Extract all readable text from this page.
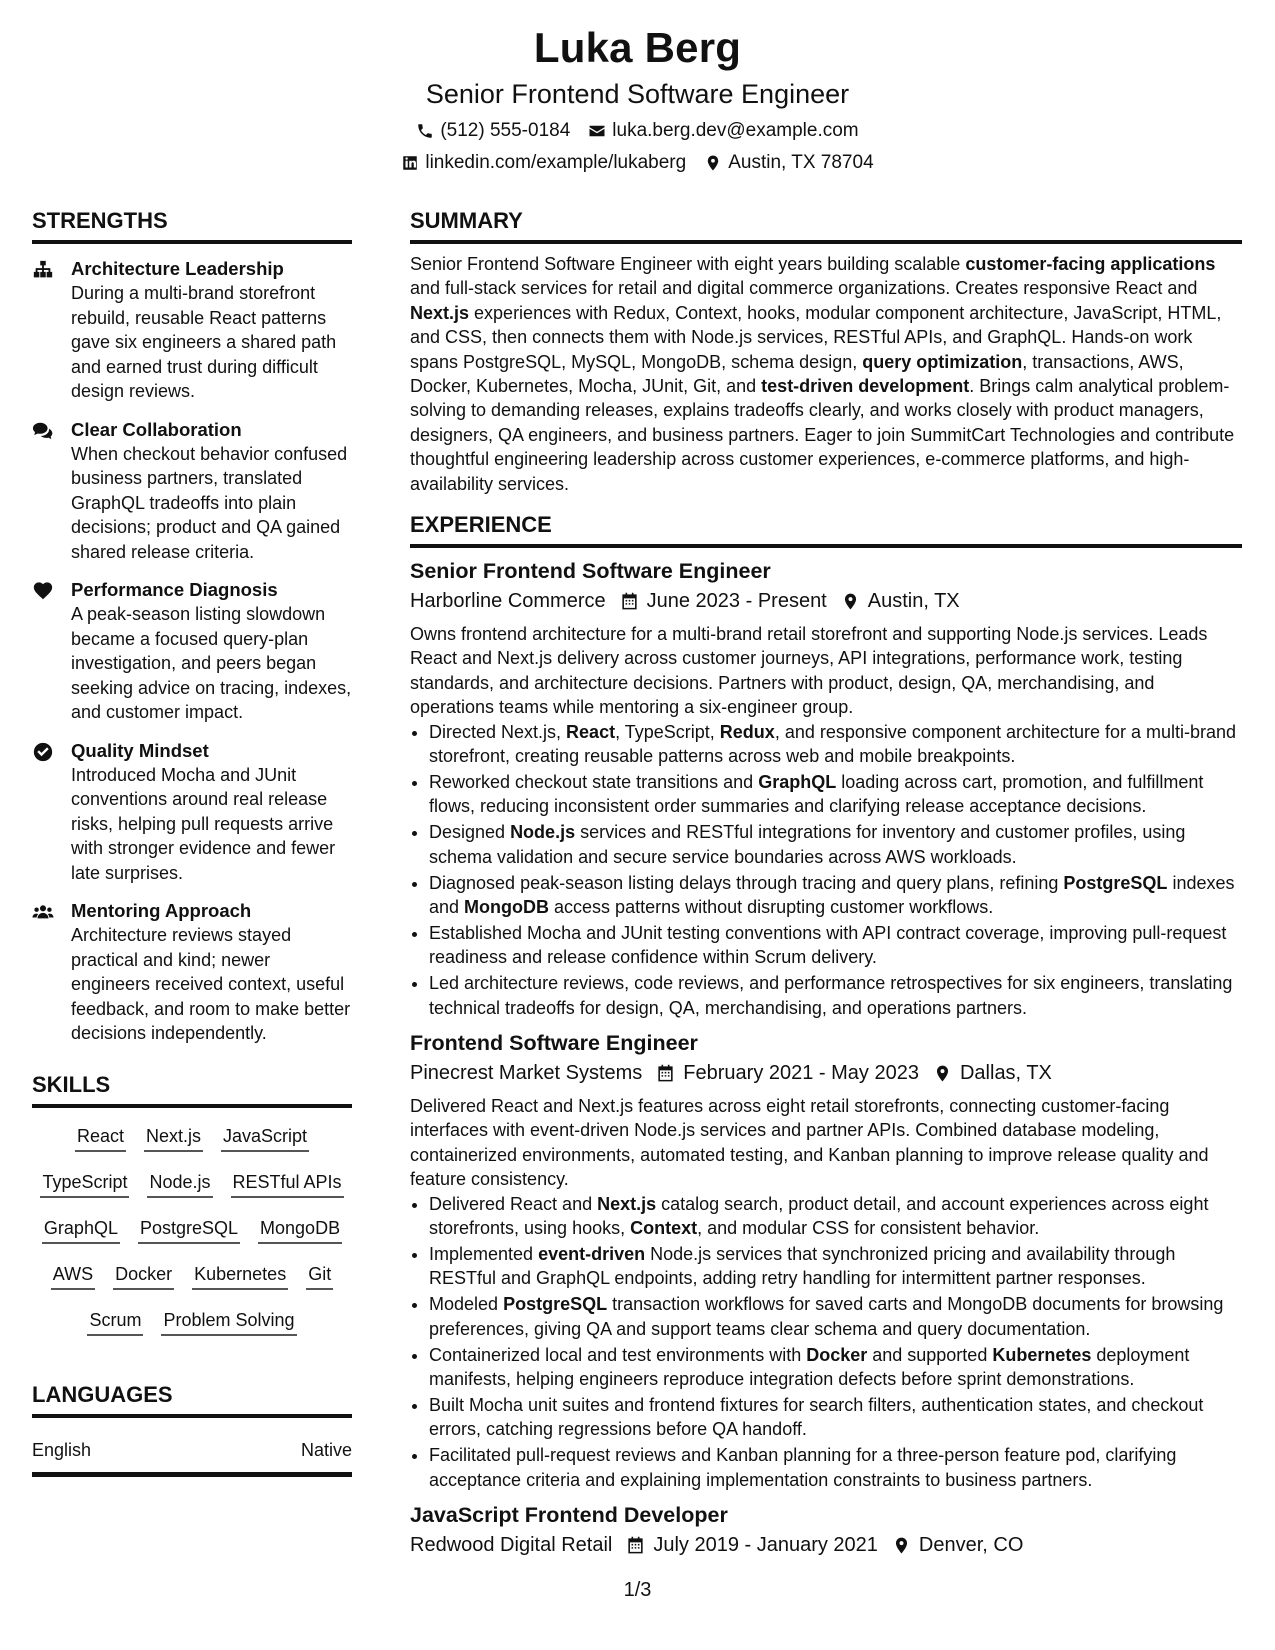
Luka Berg
Senior Frontend Software Engineer
(512) 555-0184 luka.berg.dev@example.com
linkedin.com/example/lukaberg Austin, TX 78704
STRENGTHS
Architecture Leadership
During a multi-brand storefront rebuild, reusable React patterns gave six engineers a shared path and earned trust during difficult design reviews.
Clear Collaboration
When checkout behavior confused business partners, translated GraphQL tradeoffs into plain decisions; product and QA gained shared release criteria.
Performance Diagnosis
A peak-season listing slowdown became a focused query-plan investigation, and peers began seeking advice on tracing, indexes, and customer impact.
Quality Mindset
Introduced Mocha and JUnit conventions around real release risks, helping pull requests arrive with stronger evidence and fewer late surprises.
Mentoring Approach
Architecture reviews stayed practical and kind; newer engineers received context, useful feedback, and room to make better decisions independently.
SKILLS
React Next.js JavaScript
TypeScript Node.js RESTful APIs
GraphQL PostgreSQL MongoDB
AWS Docker Kubernetes Git
Scrum Problem Solving
LANGUAGES
English	Native
SUMMARY
Senior Frontend Software Engineer with eight years building scalable customer-facing applications and full-stack services for retail and digital commerce organizations. Creates responsive React and Next.js experiences with Redux, Context, hooks, modular component architecture, JavaScript, HTML, and CSS, then connects them with Node.js services, RESTful APIs, and GraphQL. Hands-on work spans PostgreSQL, MySQL, MongoDB, schema design, query optimization, transactions, AWS, Docker, Kubernetes, Mocha, JUnit, Git, and test-driven development. Brings calm analytical problem-solving to demanding releases, explains tradeoffs clearly, and works closely with product managers, designers, QA engineers, and business partners. Eager to join SummitCart Technologies and contribute thoughtful engineering leadership across customer experiences, e-commerce platforms, and high-availability services.
EXPERIENCE
Senior Frontend Software Engineer
Harborline Commerce June 2023 - Present Austin, TX
Owns frontend architecture for a multi-brand retail storefront and supporting Node.js services. Leads React and Next.js delivery across customer journeys, API integrations, performance work, testing standards, and architecture decisions. Partners with product, design, QA, merchandising, and operations teams while mentoring a six-engineer group.
• Directed Next.js, React, TypeScript, Redux, and responsive component architecture for a multi-brand storefront, creating reusable patterns across web and mobile breakpoints.
• Reworked checkout state transitions and GraphQL loading across cart, promotion, and fulfillment flows, reducing inconsistent order summaries and clarifying release acceptance decisions.
• Designed Node.js services and RESTful integrations for inventory and customer profiles, using schema validation and secure service boundaries across AWS workloads.
• Diagnosed peak-season listing delays through tracing and query plans, refining PostgreSQL indexes and MongoDB access patterns without disrupting customer workflows.
• Established Mocha and JUnit testing conventions with API contract coverage, improving pull-request readiness and release confidence within Scrum delivery.
• Led architecture reviews, code reviews, and performance retrospectives for six engineers, translating technical tradeoffs for design, QA, merchandising, and operations partners.
Frontend Software Engineer
Pinecrest Market Systems February 2021 - May 2023 Dallas, TX
Delivered React and Next.js features across eight retail storefronts, connecting customer-facing interfaces with event-driven Node.js services and partner APIs. Combined database modeling, containerized environments, automated testing, and Kanban planning to improve release quality and feature consistency.
• Delivered React and Next.js catalog search, product detail, and account experiences across eight storefronts, using hooks, Context, and modular CSS for consistent behavior.
• Implemented event-driven Node.js services that synchronized pricing and availability through RESTful and GraphQL endpoints, adding retry handling for intermittent partner responses.
• Modeled PostgreSQL transaction workflows for saved carts and MongoDB documents for browsing preferences, giving QA and support teams clear schema and query documentation.
• Containerized local and test environments with Docker and supported Kubernetes deployment manifests, helping engineers reproduce integration defects before sprint demonstrations.
• Built Mocha unit suites and frontend fixtures for search filters, authentication states, and checkout errors, catching regressions before QA handoff.
• Facilitated pull-request reviews and Kanban planning for a three-person feature pod, clarifying acceptance criteria and explaining implementation constraints to business partners.
JavaScript Frontend Developer
Redwood Digital Retail July 2019 - January 2021 Denver, CO
1/3
